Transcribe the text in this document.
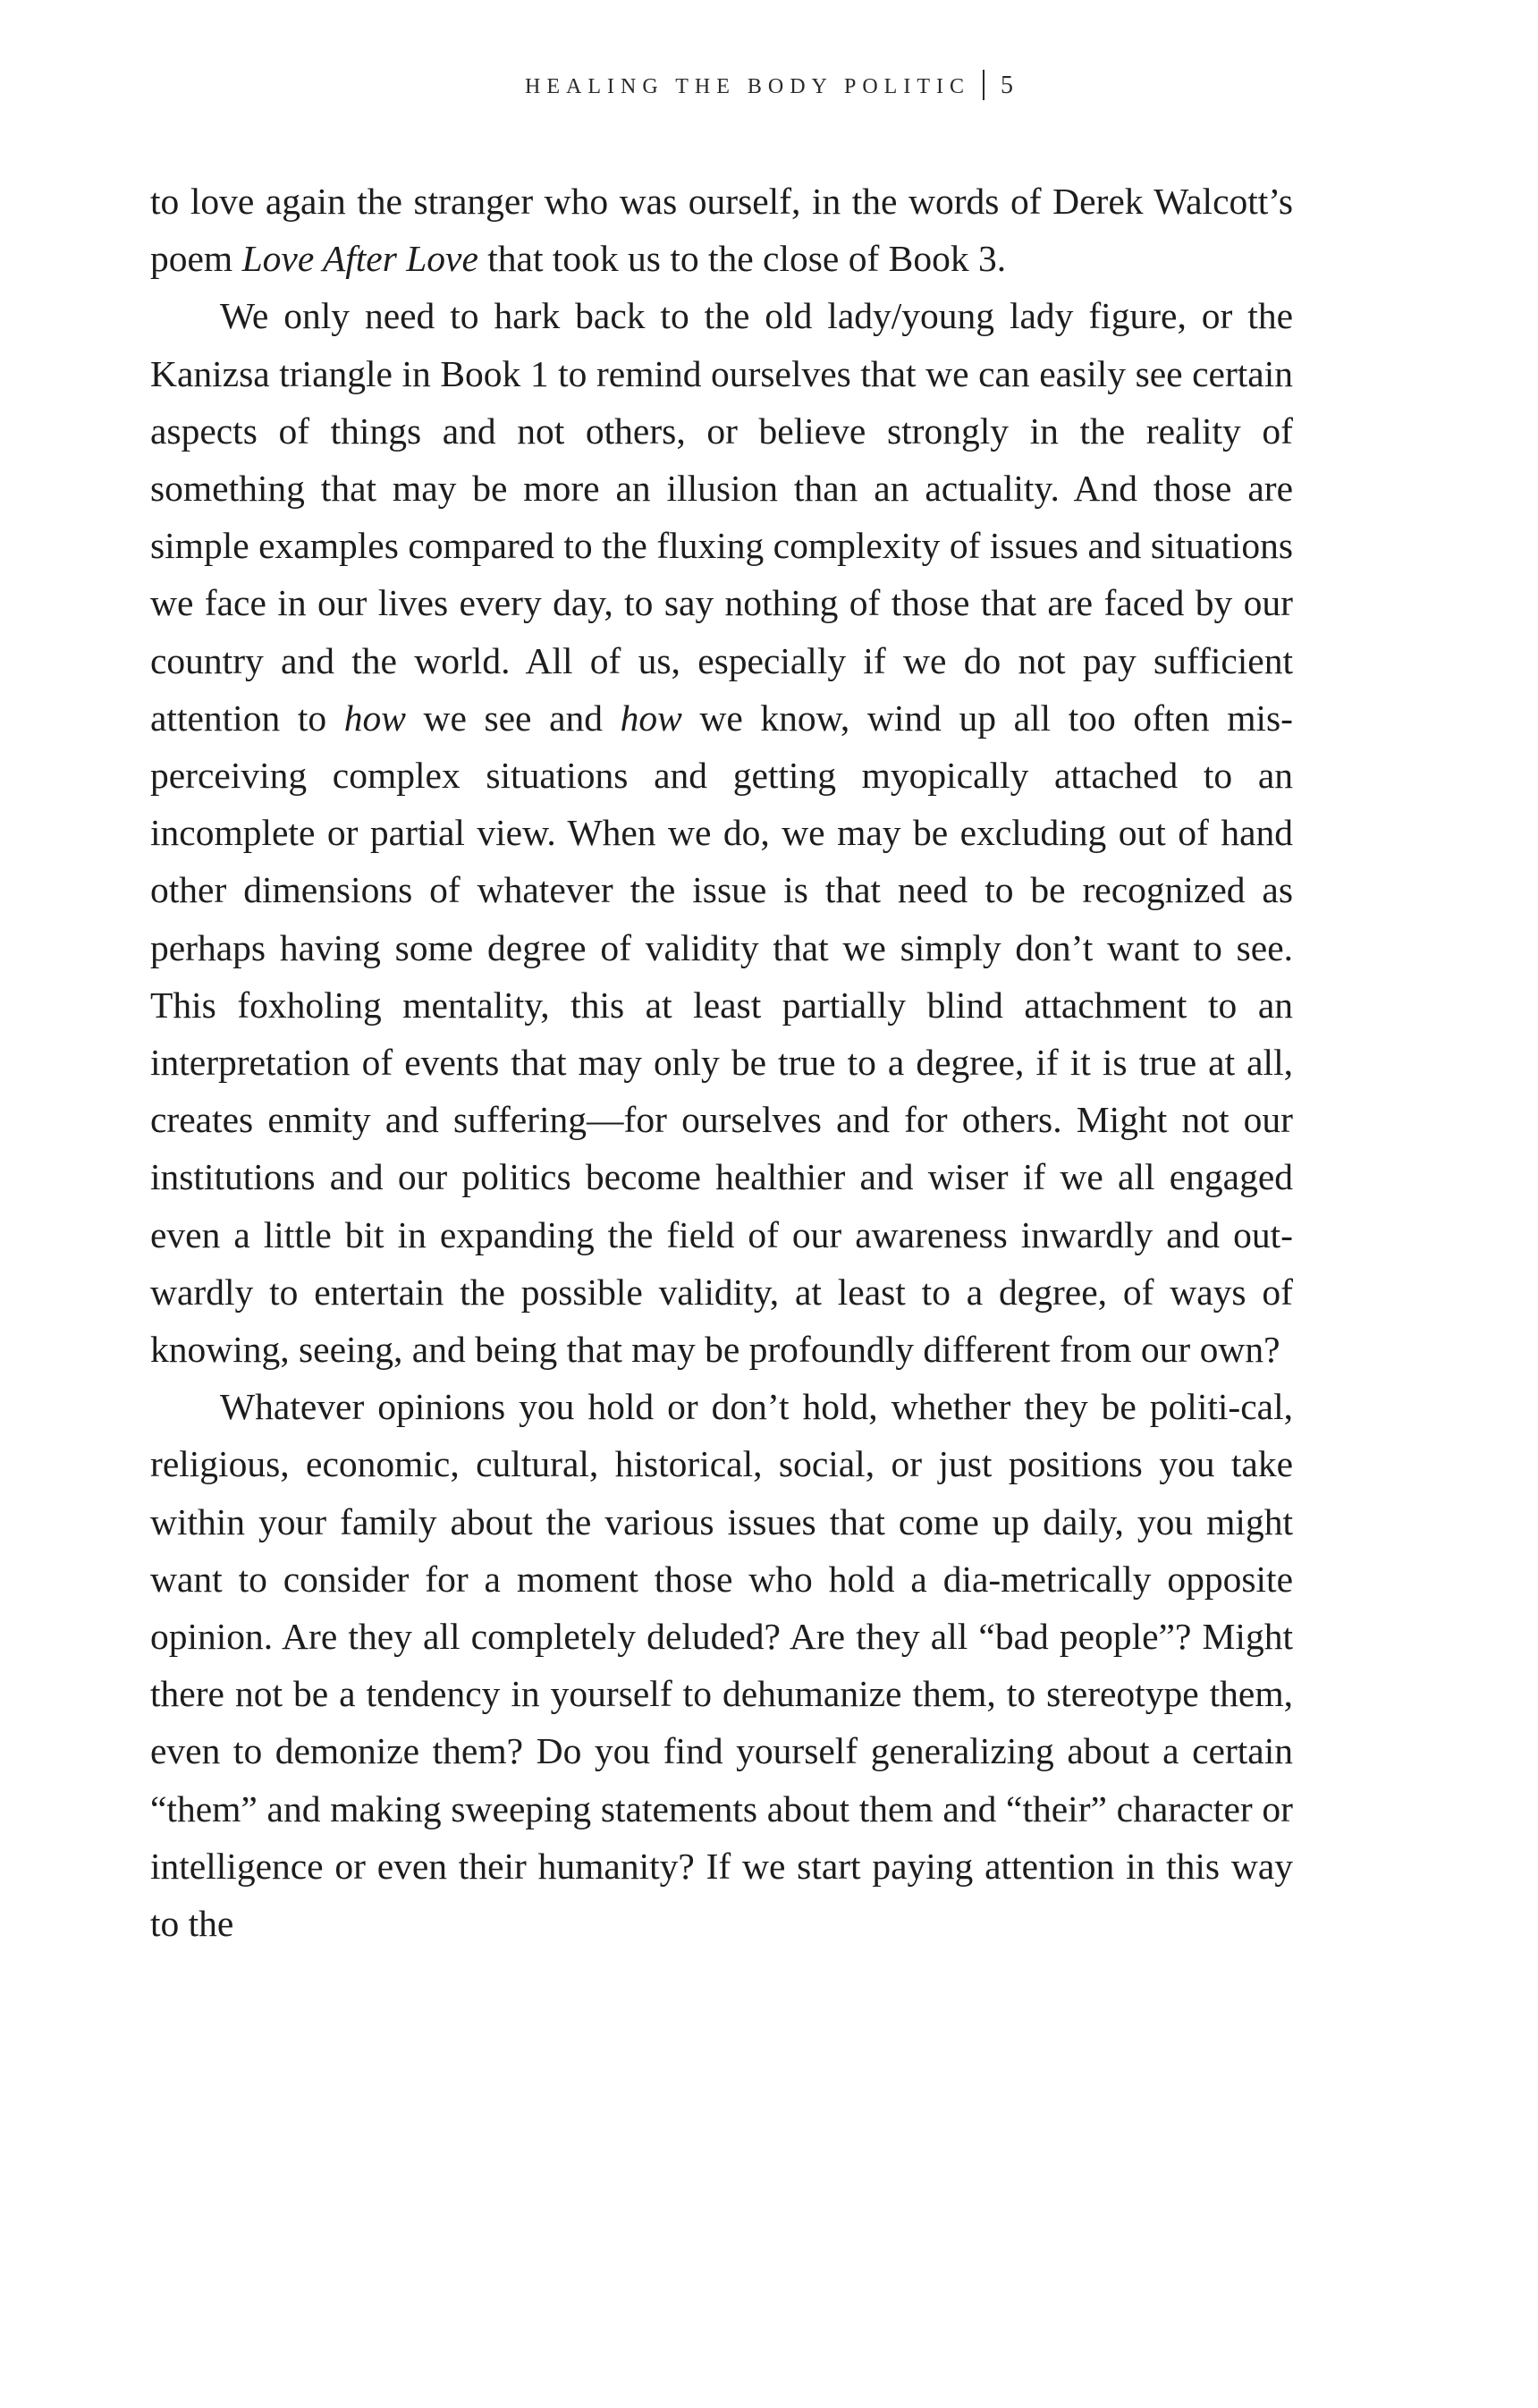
HEALING THE BODY POLITIC 5

to love again the stranger who was ourself, in the words of Derek Walcott’s poem Love After Love that took us to the close of Book 3.

We only need to hark back to the old lady/young lady figure, or the Kanizsa triangle in Book 1 to remind ourselves that we can easily see certain aspects of things and not others, or believe strongly in the reality of something that may be more an illusion than an actuality. And those are simple examples compared to the fluxing complexity of issues and situations we face in our lives every day, to say nothing of those that are faced by our country and the world. All of us, especially if we do not pay sufficient attention to how we see and how we know, wind up all too often mis-perceiving complex situations and getting myopically attached to an incomplete or partial view. When we do, we may be excluding out of hand other dimensions of whatever the issue is that need to be recognized as perhaps having some degree of validity that we simply don’t want to see. This foxholing mentality, this at least partially blind attachment to an interpretation of events that may only be true to a degree, if it is true at all, creates enmity and suffering—for ourselves and for others. Might not our institutions and our politics become healthier and wiser if we all engaged even a little bit in expanding the field of our awareness inwardly and out-wardly to entertain the possible validity, at least to a degree, of ways of knowing, seeing, and being that may be profoundly different from our own?

Whatever opinions you hold or don’t hold, whether they be politi-cal, religious, economic, cultural, historical, social, or just positions you take within your family about the various issues that come up daily, you might want to consider for a moment those who hold a dia-metrically opposite opinion. Are they all completely deluded? Are they all “bad people”? Might there not be a tendency in yourself to dehumanize them, to stereotype them, even to demonize them? Do you find yourself generalizing about a certain “them” and making sweeping statements about them and “their” character or intelligence or even their humanity? If we start paying attention in this way to the
